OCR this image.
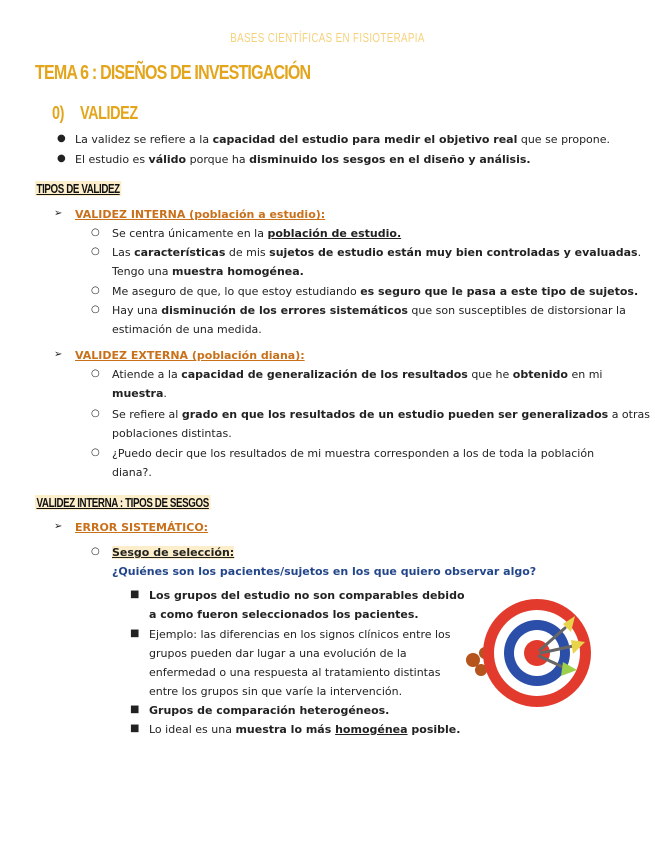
BASES CIENTÍFICAS EN FISIOTERAPIA
TEMA 6 : DISEÑOS DE INVESTIGACIÓN
0) VALIDEZ
TIPOS DE VALIDEZ
VALIDEZ INTERNA (población a estudio):
VALIDEZ EXTERNA (población diana):
VALIDEZ INTERNA : TIPOS DE SESGOS
ERROR SISTEMÁTICO:
Sesgo de selección:
¿Quiénes son los pacientes/sujetos en los que quiero observar algo?
● La validez se refiere a la capacidad del estudio para medir el objetivo real que se propone.
● El estudio es válido porque ha disminuido los sesgos en el diseño y análisis.
➢
➢
➢
○ Se centra únicamente en la población de estudio.
○ Las características de mis sujetos de estudio están muy bien controladas y evaluadas.
Tengo una muestra homogénea.
○ Me aseguro de que, lo que estoy estudiando es seguro que le pasa a este tipo de sujetos.
○ Hay una disminución de los errores sistemáticos que son susceptibles de distorsionar la
estimación de una medida.
○ Atiende a la capacidad de generalización de los resultados que he obtenido en mi
muestra.
○ Se refiere al grado en que los resultados de un estudio pueden ser generalizados a otras
poblaciones distintas.
○ ¿Puedo decir que los resultados de mi muestra corresponden a los de toda la población
diana?.
○
■ Los grupos del estudio no son comparables debido
a como fueron seleccionados los pacientes.
■ Ejemplo: las diferencias en los signos clínicos entre los
grupos pueden dar lugar a una evolución de la
enfermedad o una respuesta al tratamiento distintas
entre los grupos sin que varíe la intervención.
■ Grupos de comparación heterogéneos.
■ Lo ideal es una muestra lo más homogénea posible.
